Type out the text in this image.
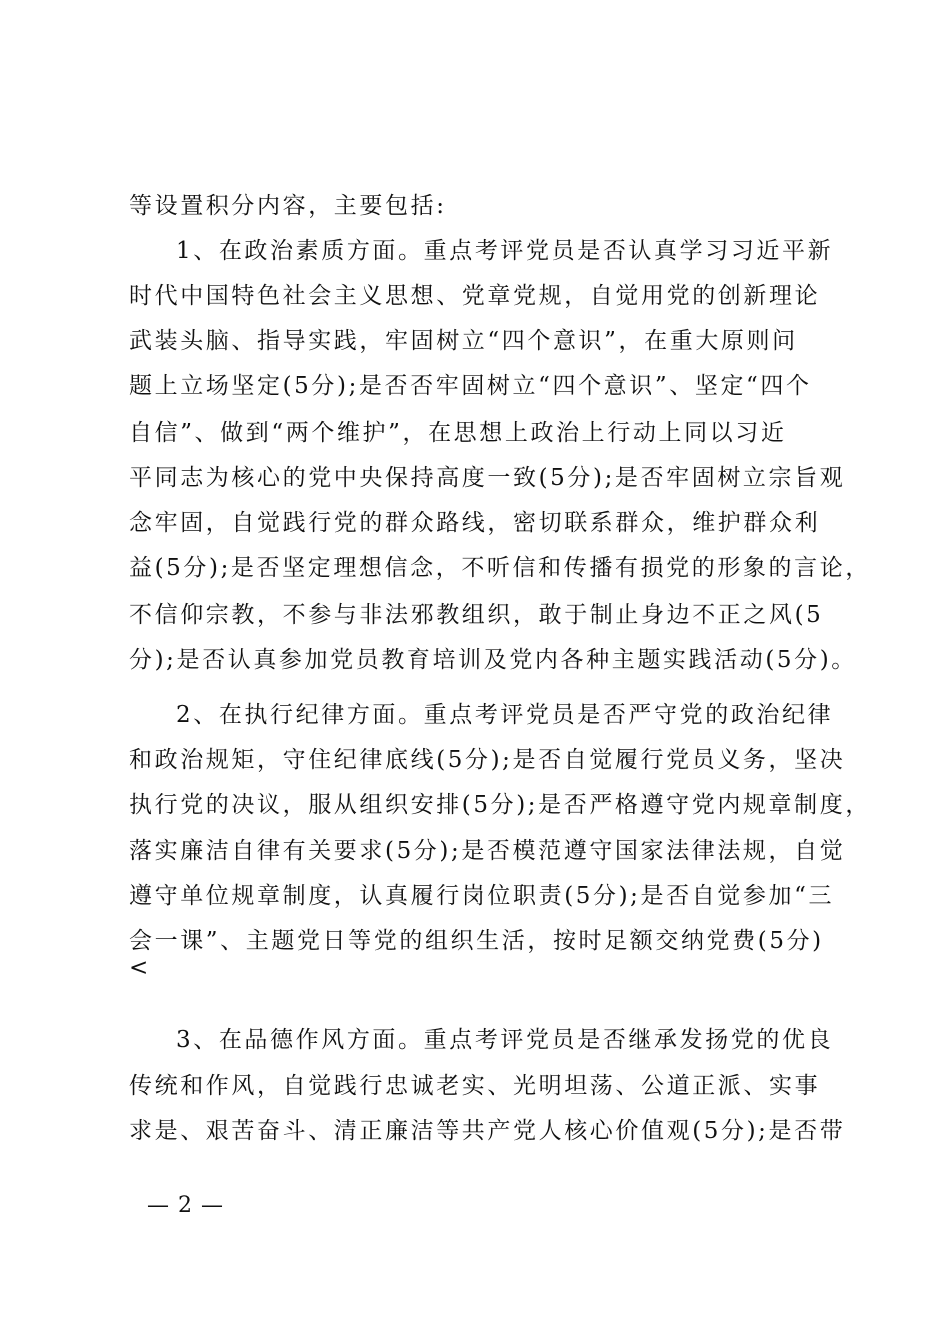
等设置积分内容，主要包括:
1、在政治素质方面。重点考评党员是否认真学习习近平新
时代中国特色社会主义思想、党章党规，自觉用党的创新理论
武装头脑、指导实践，牢固树立“四个意识”，在重大原则问
题上立场坚定(5分);是否否牢固树立“四个意识”、坚定“四个
自信”、做到“两个维护”，在思想上政治上行动上同以习近
平同志为核心的党中央保持高度一致(5分);是否牢固树立宗旨观
念牢固，自觉践行党的群众路线，密切联系群众，维护群众利
益(5分);是否坚定理想信念，不听信和传播有损党的形象的言论，
不信仰宗教，不参与非法邪教组织，敢于制止身边不正之风(5
分);是否认真参加党员教育培训及党内各种主题实践活动(5分)。
2、在执行纪律方面。重点考评党员是否严守党的政治纪律
和政治规矩，守住纪律底线(5分);是否自觉履行党员义务，坚决
执行党的决议，服从组织安排(5分);是否严格遵守党内规章制度，
落实廉洁自律有关要求(5分);是否模范遵守国家法律法规，自觉
遵守单位规章制度，认真履行岗位职责(5分);是否自觉参加“三
会一课”、主题党日等党的组织生活，按时足额交纳党费(5分)
<
3、在品德作风方面。重点考评党员是否继承发扬党的优良
传统和作风，自觉践行忠诚老实、光明坦荡、公道正派、实事
求是、艰苦奋斗、清正廉洁等共产党人核心价值观(5分);是否带
— 2 —
